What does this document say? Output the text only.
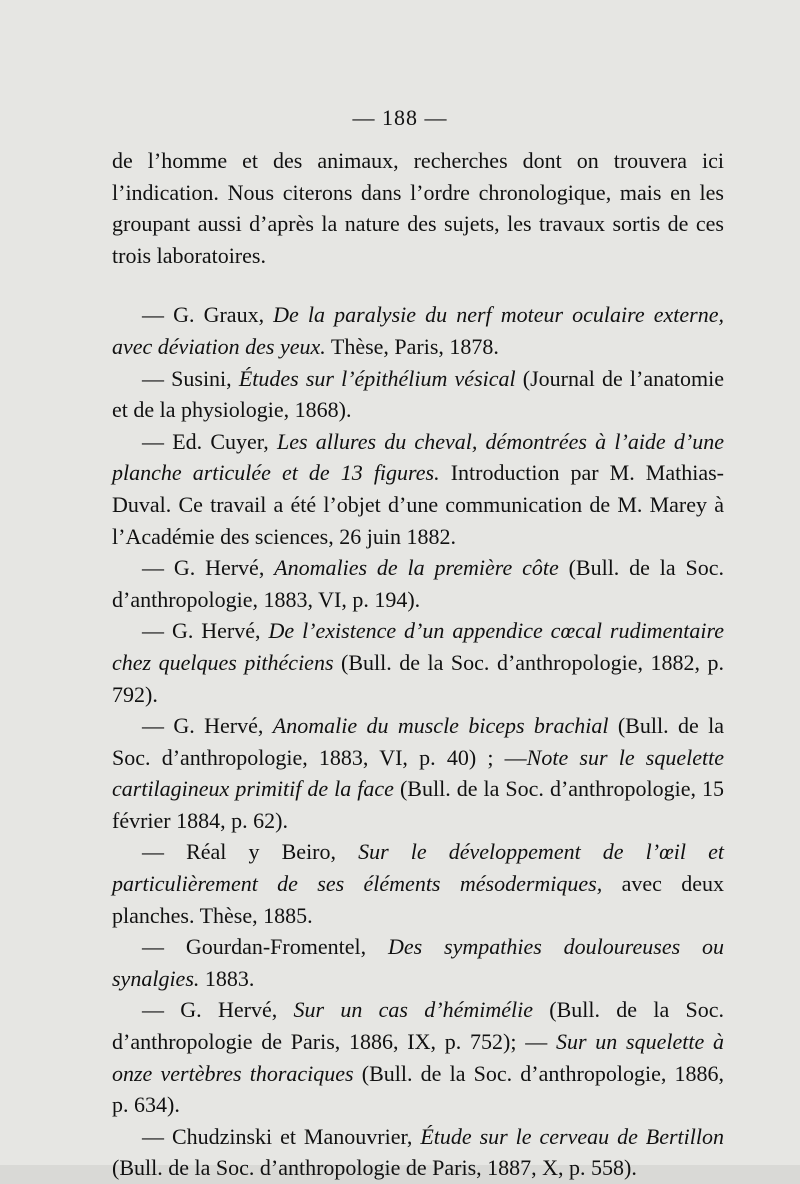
— 188 —

de l’homme et des animaux, recherches dont on trouvera ici l’indication. Nous citerons dans l’ordre chronologique, mais en les groupant aussi d’après la nature des sujets, les travaux sortis de ces trois laboratoires.

— G. Graux, De la paralysie du nerf moteur oculaire externe, avec déviation des yeux. Thèse, Paris, 1878.

— Susini, Études sur l’épithélium vésical (Journal de l’anatomie et de la physiologie, 1868).

— Ed. Cuyer, Les allures du cheval, démontrées à l’aide d’une planche articulée et de 13 figures. Introduction par M. Mathias-Duval. Ce travail a été l’objet d’une communication de M. Marey à l’Académie des sciences, 26 juin 1882.

— G. Hervé, Anomalies de la première côte (Bull. de la Soc. d’anthropologie, 1883, VI, p. 194).

— G. Hervé, De l’existence d’un appendice cœcal rudimentaire chez quelques pithéciens (Bull. de la Soc. d’anthropologie, 1882, p. 792).

— G. Hervé, Anomalie du muscle biceps brachial (Bull. de la Soc. d’anthropologie, 1883, VI, p. 40) ; —Note sur le squelette cartilagineux primitif de la face (Bull. de la Soc. d’anthropologie, 15 février 1884, p. 62).

— Réal y Beiro, Sur le développement de l’œil et particulièrement de ses éléments mésodermiques, avec deux planches. Thèse, 1885.

— Gourdan-Fromentel, Des sympathies douloureuses ou synalgies. 1883.

— G. Hervé, Sur un cas d’hémimélie (Bull. de la Soc. d’anthropologie de Paris, 1886, IX, p. 752); — Sur un squelette à onze vertèbres thoraciques (Bull. de la Soc. d’anthropologie, 1886, p. 634).

— Chudzinski et Manouvrier, Étude sur le cerveau de Bertillon (Bull. de la Soc. d’anthropologie de Paris, 1887, X, p. 558).
